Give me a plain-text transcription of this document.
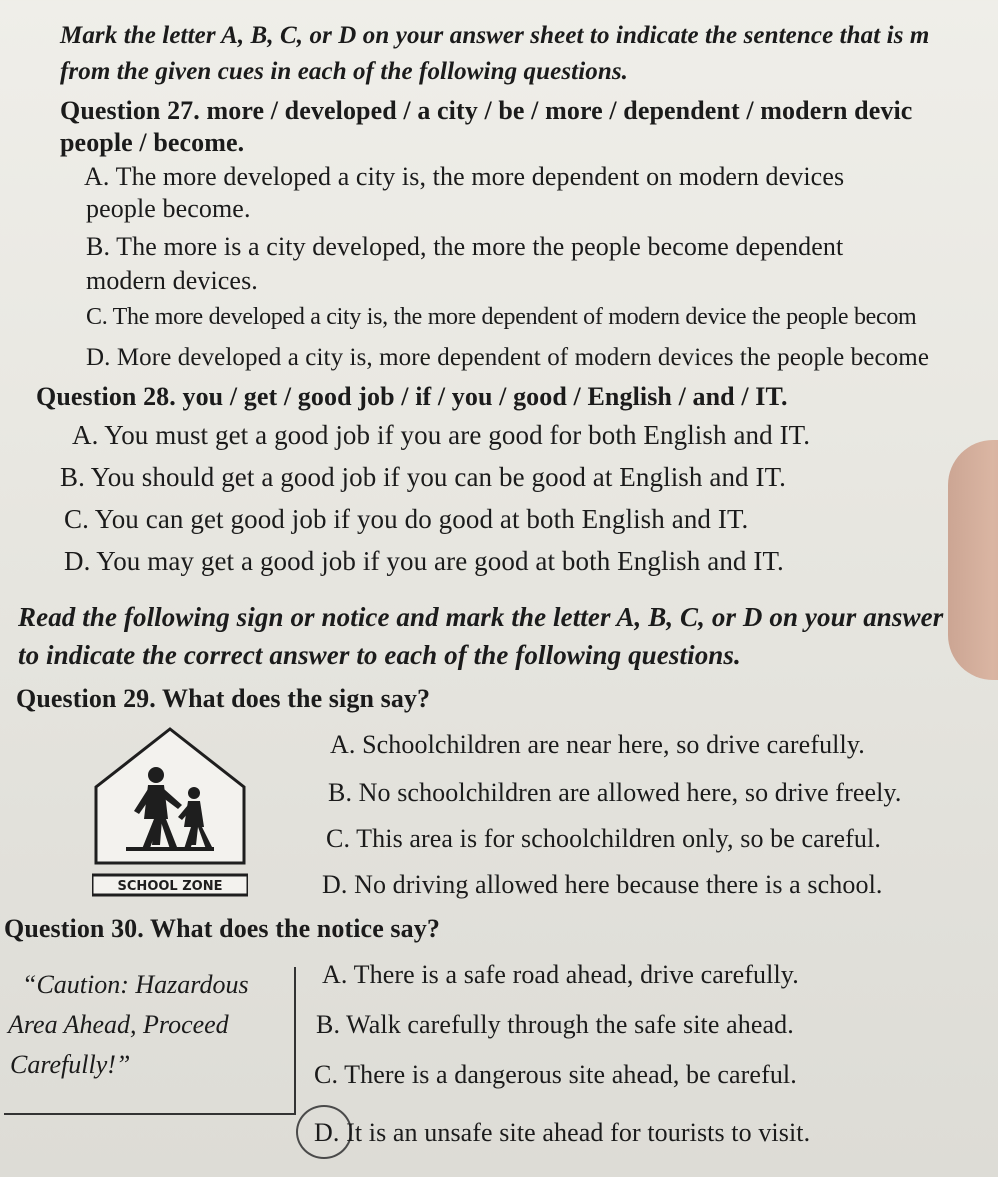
Mark the letter A, B, C, or D on your answer sheet to indicate the sentence that is m
from the given cues in each of the following questions.
Question 27. more / developed / a city / be / more / dependent / modern devic
people / become.
A. The more developed a city is, the more dependent on modern devices
people become.
B. The more is a city developed, the more the people become dependent
modern devices.
C. The more developed a city is, the more dependent of modern device the people becom
D. More developed a city is, more dependent of modern devices the people become
Question 28. you / get / good job / if / you / good / English / and / IT.
A. You must get a good job if you are good for both English and IT.
B. You should get a good job if you can be good at English and IT.
C. You can get good job if you do good at both English and IT.
D. You may get a good job if you are good at both English and IT.
Read the following sign or notice and mark the letter A, B, C, or D on your answer
to indicate the correct answer to each of the following questions.
Question 29. What does the sign say?
SCHOOL ZONE
A. Schoolchildren are near here, so drive carefully.
B. No schoolchildren are allowed here, so drive freely.
C. This area is for schoolchildren only, so be careful.
D. No driving allowed here because there is a school.
Question 30. What does the notice say?
“Caution: Hazardous
Area Ahead, Proceed
Carefully!”
A. There is a safe road ahead, drive carefully.
B. Walk carefully through the safe site ahead.
C. There is a dangerous site ahead, be careful.
D. It is an unsafe site ahead for tourists to visit.
